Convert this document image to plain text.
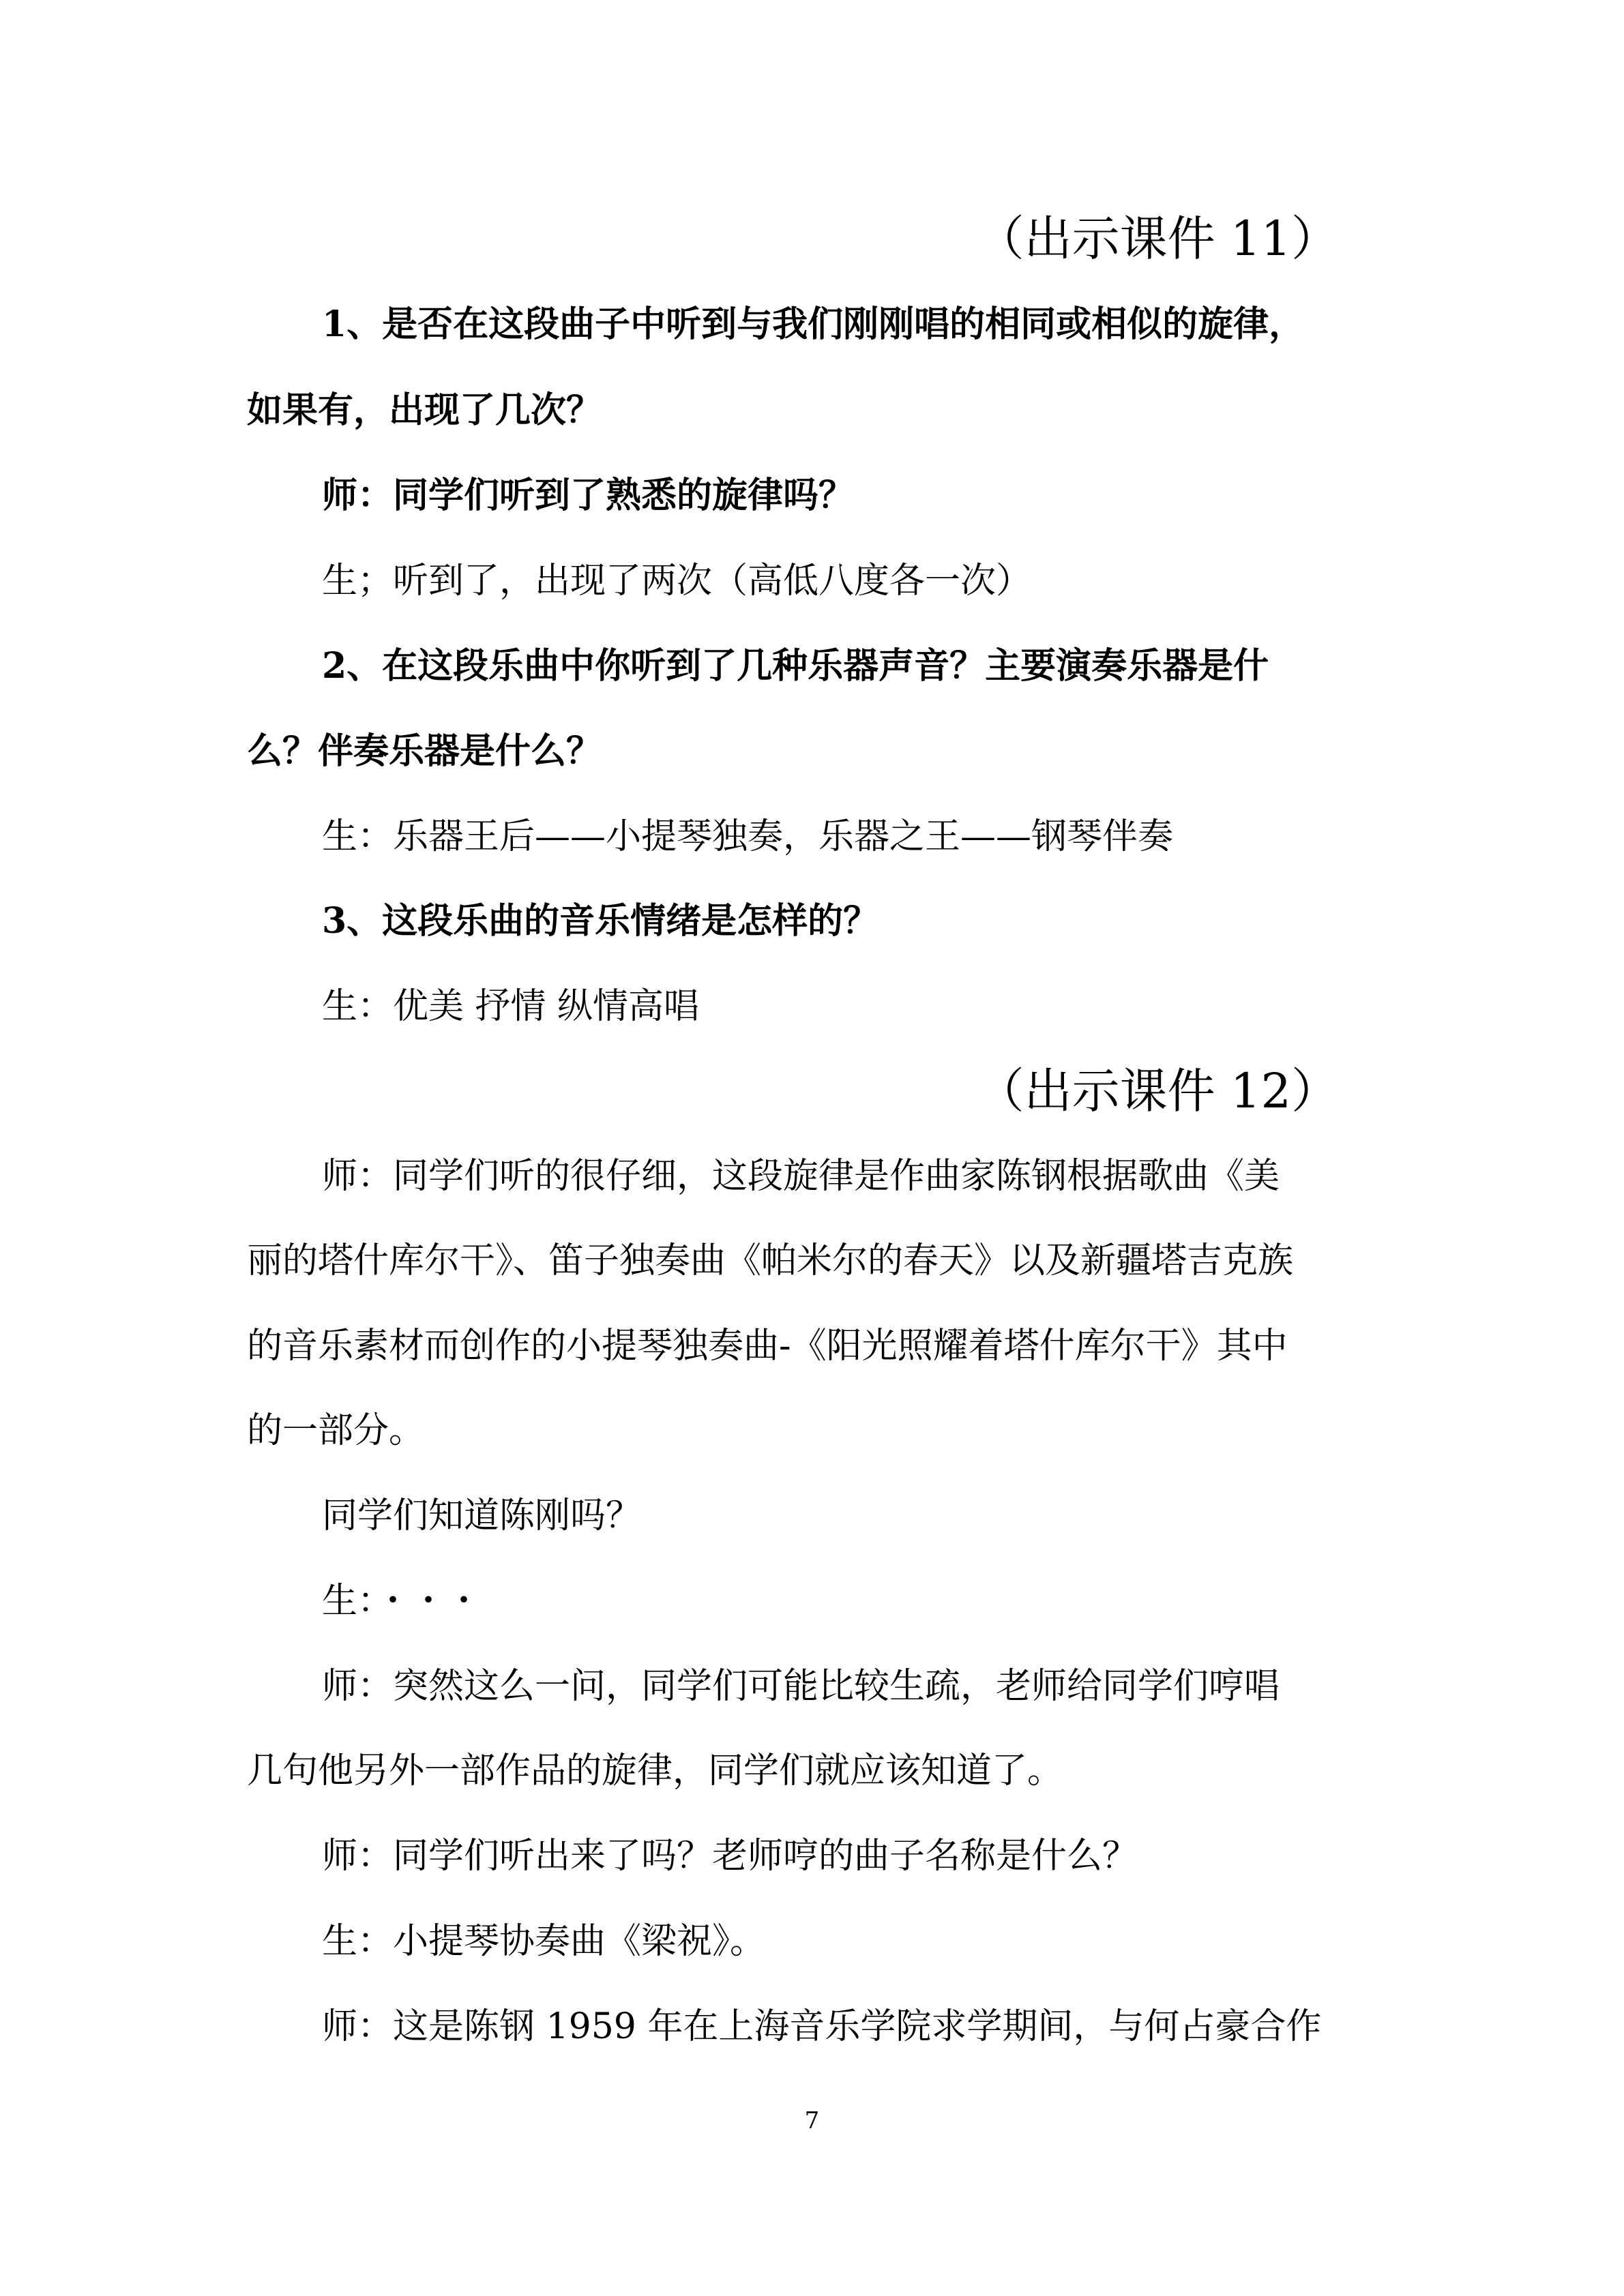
（出示课件 11）
1、是否在这段曲子中听到与我们刚刚唱的相同或相似的旋律，
如果有，出现了几次？
师：同学们听到了熟悉的旋律吗？
生；听到了，出现了两次（高低八度各一次）
2、在这段乐曲中你听到了几种乐器声音？主要演奏乐器是什
么？伴奏乐器是什么？
生：乐器王后——小提琴独奏，乐器之王——钢琴伴奏
3、这段乐曲的音乐情绪是怎样的？
生：优美 抒情 纵情高唱
（出示课件 12）
师：同学们听的很仔细，这段旋律是作曲家陈钢根据歌曲《美
丽的塔什库尔干》、笛子独奏曲《帕米尔的春天》以及新疆塔吉克族
的音乐素材而创作的小提琴独奏曲-《阳光照耀着塔什库尔干》其中
的一部分。
同学们知道陈刚吗？
生：・・・
师：突然这么一问，同学们可能比较生疏，老师给同学们哼唱
几句他另外一部作品的旋律，同学们就应该知道了。
师：同学们听出来了吗？老师哼的曲子名称是什么？
生：小提琴协奏曲《梁祝》。
师：这是陈钢 1959 年在上海音乐学院求学期间，与何占豪合作
7
